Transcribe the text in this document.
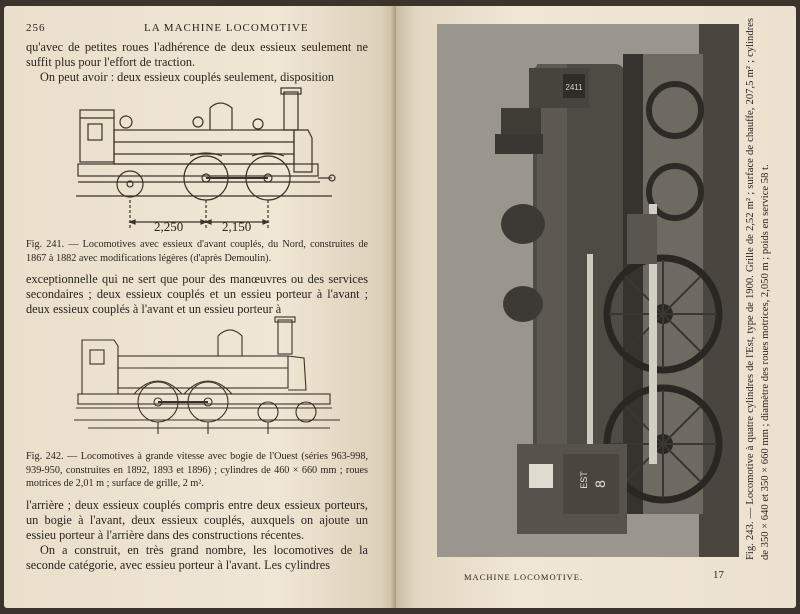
256	LA MACHINE LOCOMOTIVE

qu'avec de petites roues l'adhérence de deux essieux seulement ne suffit plus pour l'effort de traction.

On peut avoir : deux essieux couplés seulement, disposition

2,250	2,150
Fig. 241. — Locomotives avec essieux d'avant couplés, du Nord, construites de 1867 à 1882 avec modifications légères (d'après Demoulin).

exceptionnelle qui ne sert que pour des manœuvres ou des services secondaires ; deux essieux couplés et un essieu porteur à l'avant ; deux essieux couplés à l'avant et un essieu porteur à

Fig. 242. — Locomotives à grande vitesse avec bogie de l'Ouest (séries 963-998, 939-950, construites en 1892, 1893 et 1896) ; cylindres de 460 × 660 mm ; roues motrices de 2,01 m ; surface de grille, 2 m².

l'arrière ; deux essieux couplés compris entre deux essieux porteurs, un bogie à l'avant, deux essieux couplés, auxquels on ajoute un essieu porteur à l'arrière dans des constructions récentes.

On a construit, en très grand nombre, les locomotives de la seconde catégorie, avec essieu porteur à l'avant. Les cylindres

2411
EST 8	Fig. 243. — Locomotive à quatre cylindres de l'Est, type de 1900. Grille de 2,52 m² ; surface de chauffe, 207,5 m² ; cylindres de 350 × 640 et 350 × 660 mm ; diamètre des roues motrices, 2,050 m ; poids en service 58 t.
MACHINE LOCOMOTIVE.	17
